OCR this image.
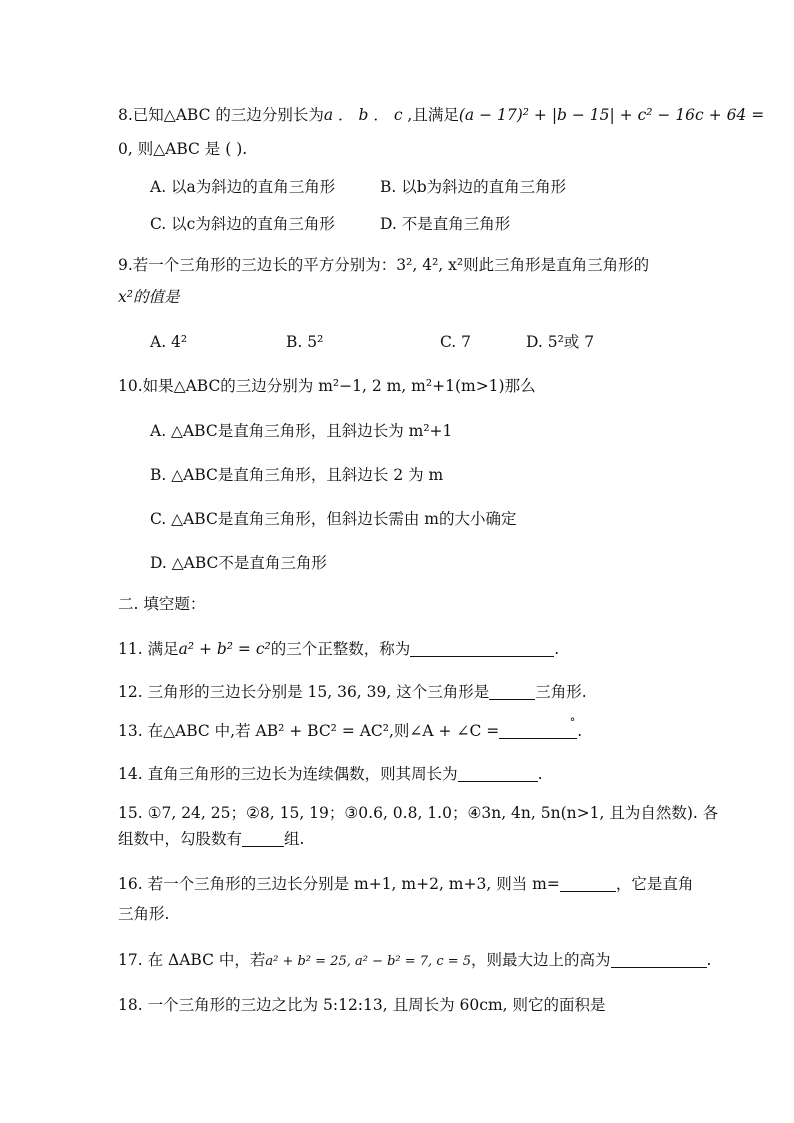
8.已知△ABC 的三边分别长为a ． b ． c ,且满足(a − 17)² + |b − 15| + c² − 16c + 64 =
0, 则△ABC 是 ( ).
A. 以a为斜边的直角三角形	B. 以b为斜边的直角三角形
C. 以c为斜边的直角三角形	D. 不是直角三角形
9.若一个三角形的三边长的平方分别为：3², 4², x²则此三角形是直角三角形的
x²的值是
A. 4²	B. 5²	C. 7	D. 5²或 7
10.如果△ABC的三边分别为 m²−1, 2 m, m²+1(m>1)那么
A. △ABC是直角三角形，且斜边长为 m²+1
B. △ABC是直角三角形，且斜边长 2 为 m
C. △ABC是直角三角形，但斜边长需由 m的大小确定
D. △ABC不是直角三角形
二. 填空题：
11. 满足a² + b² = c²的三个正整数，称为	.
12. 三角形的三边长分别是 15, 36, 39, 这个三角形是	三角形.
13. 在△ABC 中,若 AB² + BC² = AC²,则∠A + ∠C =	° .
14. 直角三角形的三边长为连续偶数，则其周长为	.
15. ①7, 24, 25；②8, 15, 19；③0.6, 0.8, 1.0；④3n, 4n, 5n(n>1, 且为自然数). 各
组数中，勾股数有	组.
16. 若一个三角形的三边长分别是 m+1, m+2, m+3, 则当 m=	，它是直角
三角形.
17. 在 ΔABC 中，若a² + b² = 25, a² − b² = 7, c = 5，则最大边上的高为	.
18. 一个三角形的三边之比为 5:12:13, 且周长为 60cm, 则它的面积是
